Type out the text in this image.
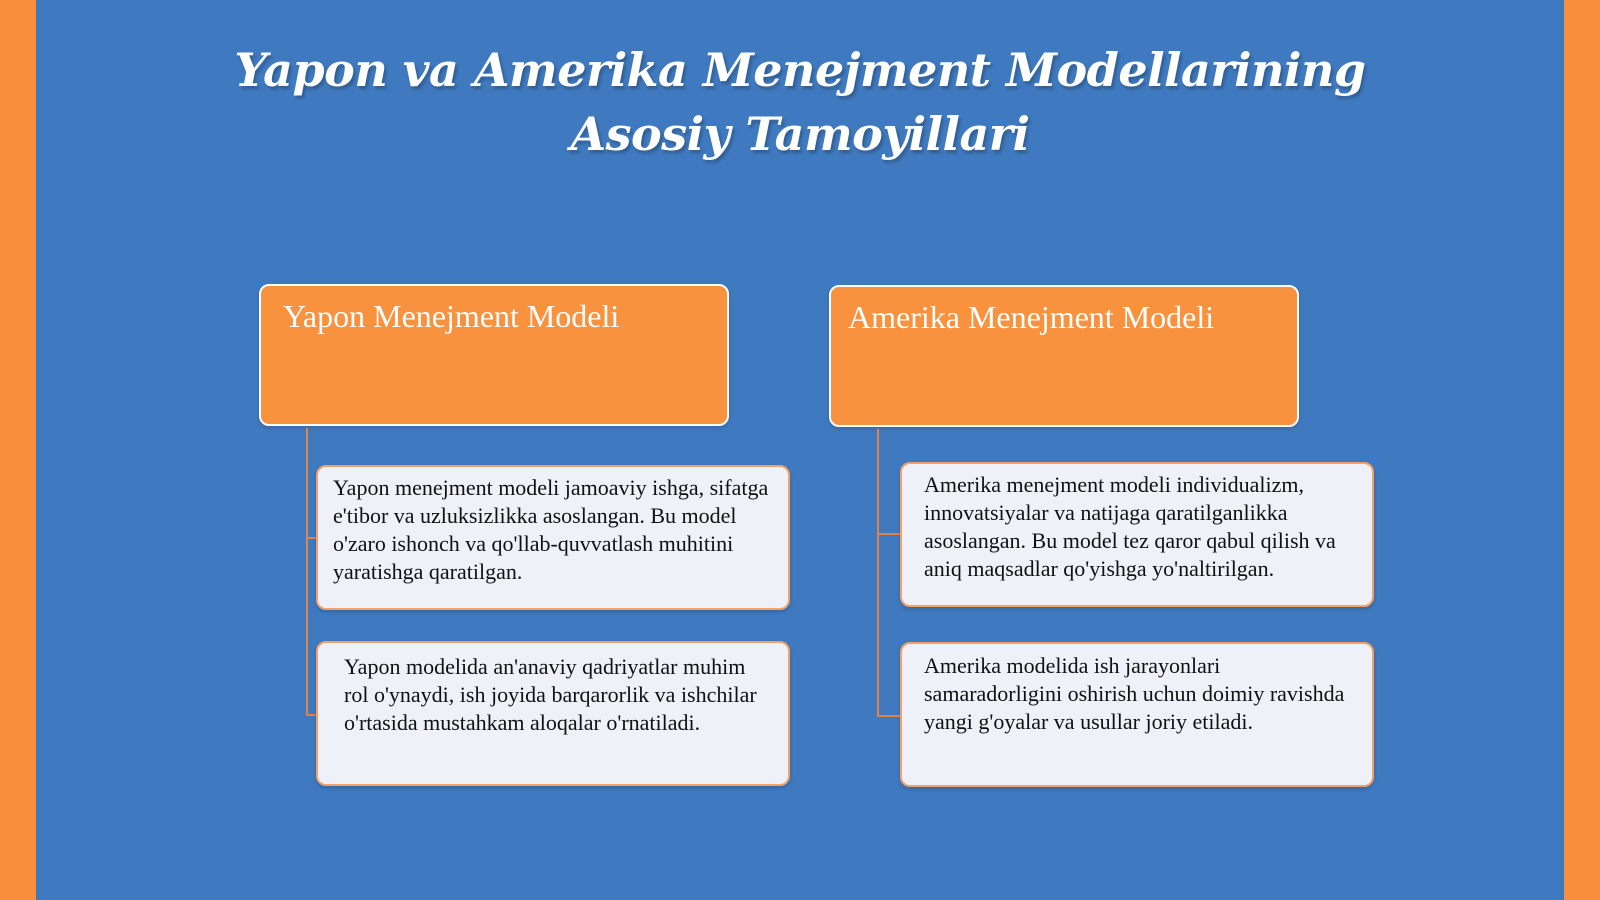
Yapon va Amerika Menejment Modellarining
Asosiy Tamoyillari
Yapon Menejment Modeli
Yapon menejment modeli jamoaviy ishga, sifatga e'tibor va uzluksizlikka asoslangan. Bu model o'zaro ishonch va qo'llab-quvvatlash muhitini yaratishga qaratilgan.
Yapon modelida an'anaviy qadriyatlar muhim rol o'ynaydi, ish joyida barqarorlik va ishchilar o'rtasida mustahkam aloqalar o'rnatiladi.
Amerika Menejment Modeli
Amerika menejment modeli individualizm, innovatsiyalar va natijaga qaratilganlikka asoslangan. Bu model tez qaror qabul qilish va aniq maqsadlar qo'yishga yo'naltirilgan.
Amerika modelida ish jarayonlari samaradorligini oshirish uchun doimiy ravishda yangi g'oyalar va usullar joriy etiladi.
